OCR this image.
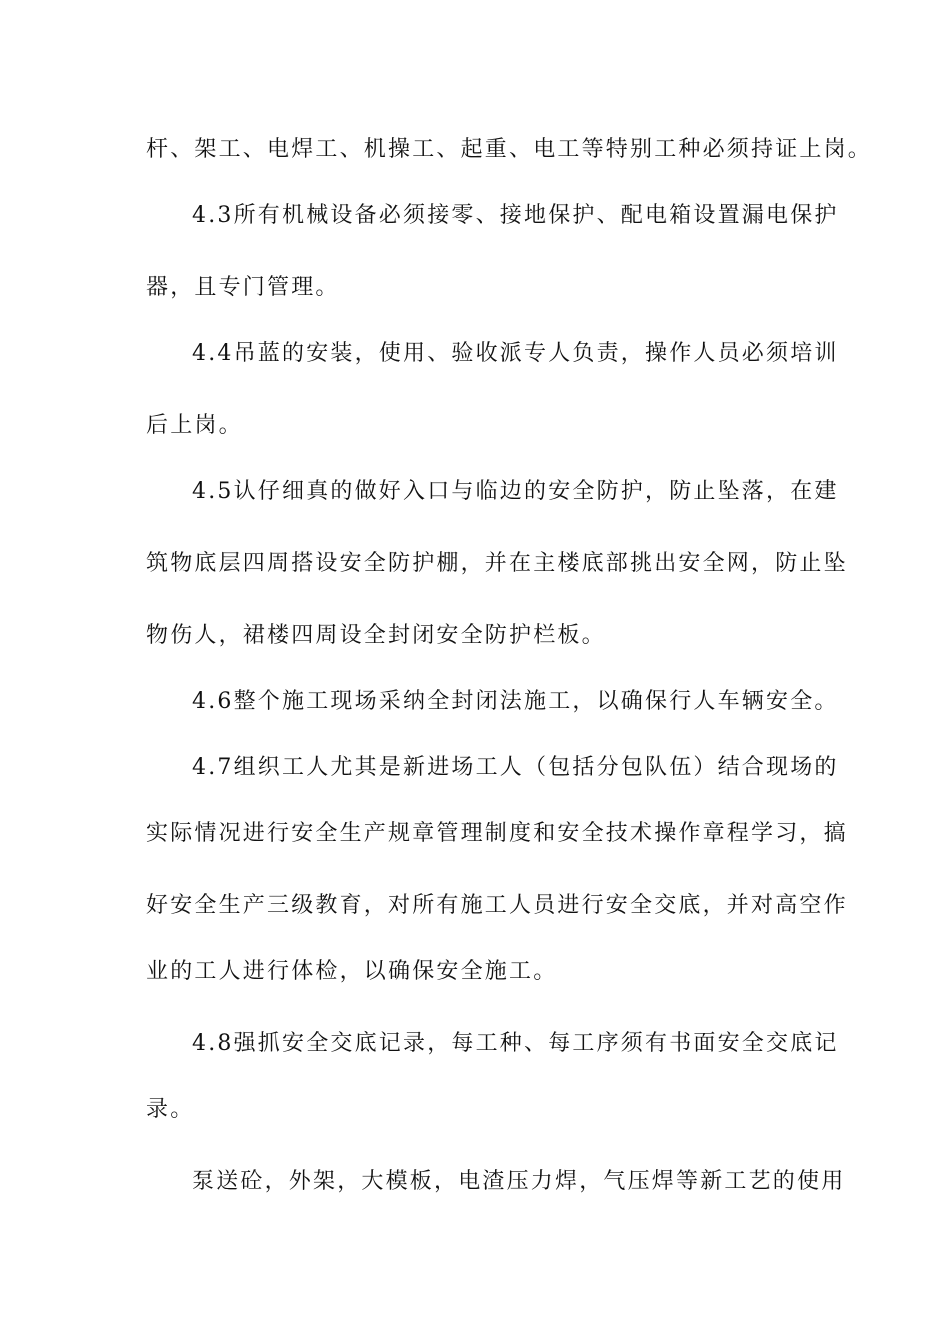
杆、架工、电焊工、机操工、起重、电工等特别工种必须持证上岗。
4.3所有机械设备必须接零、接地保护、配电箱设置漏电保护
器，且专门管理。
4.4吊蓝的安装，使用、验收派专人负责，操作人员必须培训
后上岗。
4.5认仔细真的做好入口与临边的安全防护，防止坠落，在建
筑物底层四周搭设安全防护棚，并在主楼底部挑出安全网，防止坠
物伤人，裙楼四周设全封闭安全防护栏板。
4.6整个施工现场采纳全封闭法施工，以确保行人车辆安全。
4.7组织工人尤其是新进场工人（包括分包队伍）结合现场的
实际情况进行安全生产规章管理制度和安全技术操作章程学习，搞
好安全生产三级教育，对所有施工人员进行安全交底，并对高空作
业的工人进行体检，以确保安全施工。
4.8强抓安全交底记录，每工种、每工序须有书面安全交底记
录。
泵送砼，外架，大模板，电渣压力焊，气压焊等新工艺的使用
